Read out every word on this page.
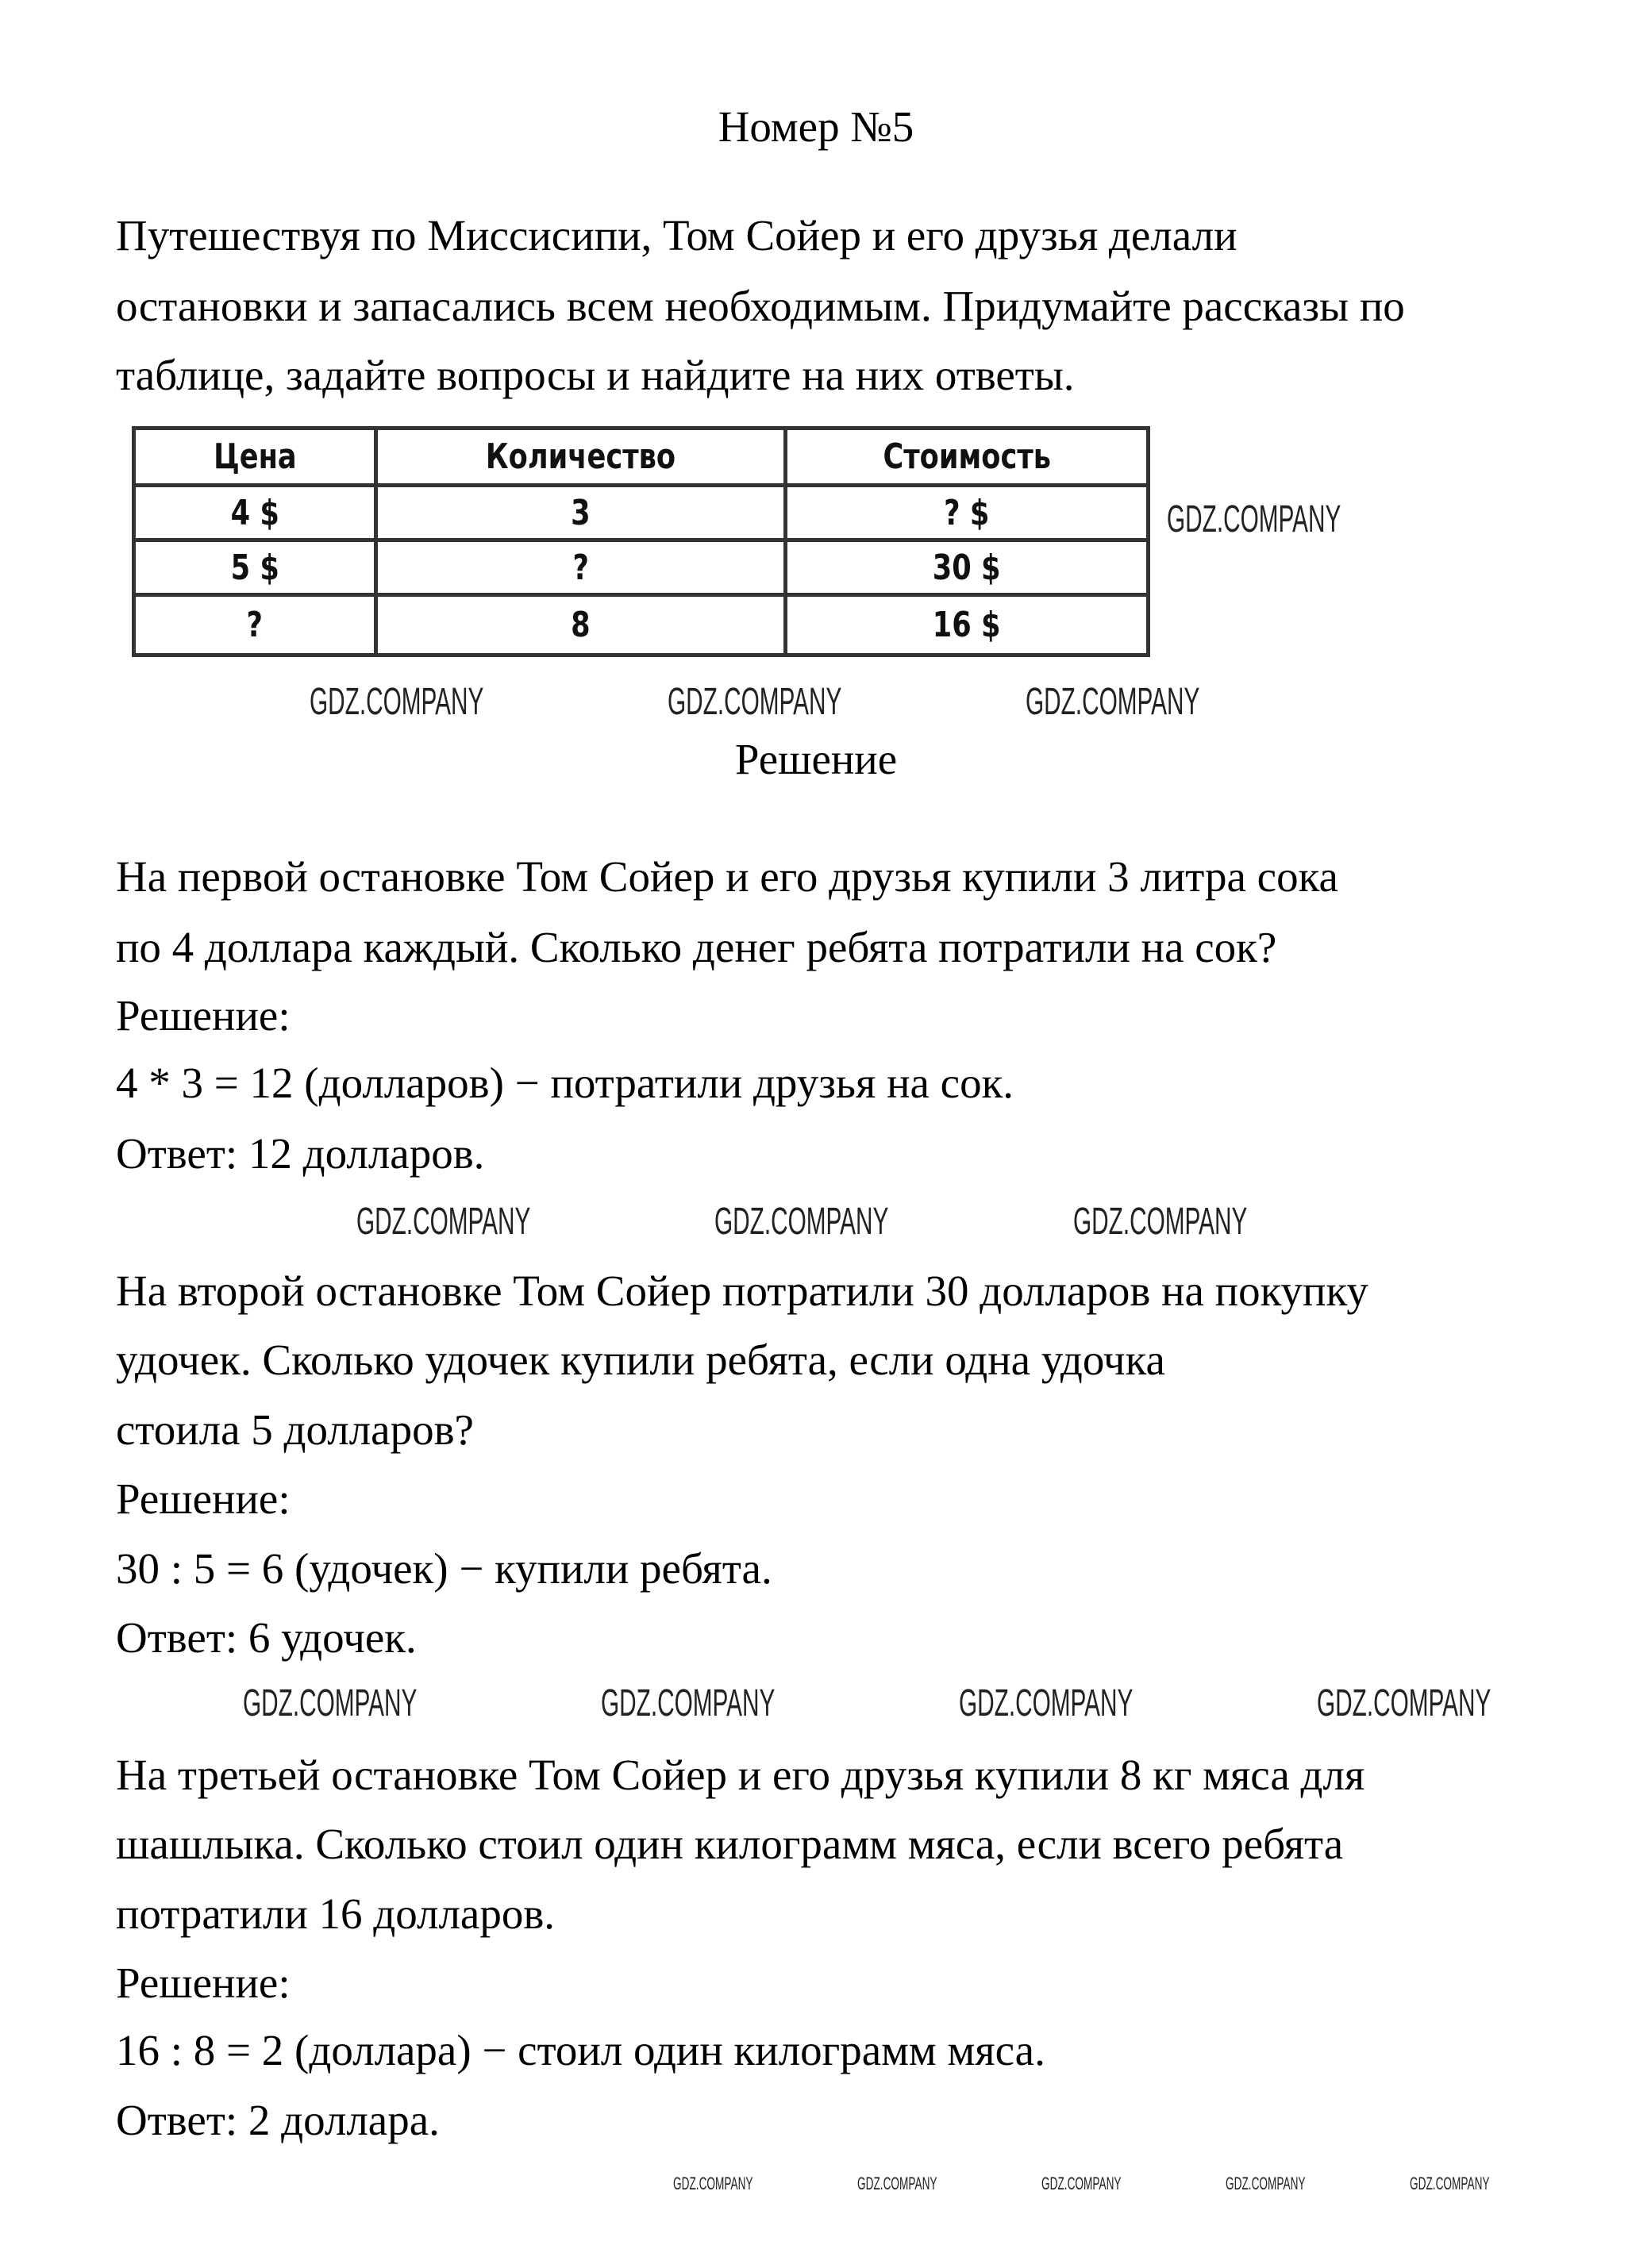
Номер №5
Путешествуя по Миссисипи, Том Сойер и его друзья делали
остановки и запасались всем необходимым. Придумайте рассказы по
таблице, задайте вопросы и найдите на них ответы.
Цена	Количество	Стоимость
4 $	3	? $
5 $	?	30 $
?	8	16 $
Решение
На первой остановке Том Сойер и его друзья купили 3 литра сока
по 4 доллара каждый. Сколько денег ребята потратили на сок?
Решение:
4 * 3 = 12 (долларов) − потратили друзья на сок.
Ответ: 12 долларов.
На второй остановке Том Сойер потратили 30 долларов на покупку
удочек. Сколько удочек купили ребята, если одна удочка
стоила 5 долларов?
Решение:
30 : 5 = 6 (удочек) − купили ребята.
Ответ: 6 удочек.
На третьей остановке Том Сойер и его друзья купили 8 кг мяса для
шашлыка. Сколько стоил один килограмм мяса, если всего ребята
потратили 16 долларов.
Решение:
16 : 8 = 2 (доллара) − стоил один килограмм мяса.
Ответ: 2 доллара.
GDZ.COMPANY
GDZ.COMPANY	GDZ.COMPANY	GDZ.COMPANY
GDZ.COMPANY	GDZ.COMPANY	GDZ.COMPANY
GDZ.COMPANY	GDZ.COMPANY	GDZ.COMPANY	GDZ.COMPANY
GDZ.COMPANY	GDZ.COMPANY	GDZ.COMPANY	GDZ.COMPANY	GDZ.COMPANY
